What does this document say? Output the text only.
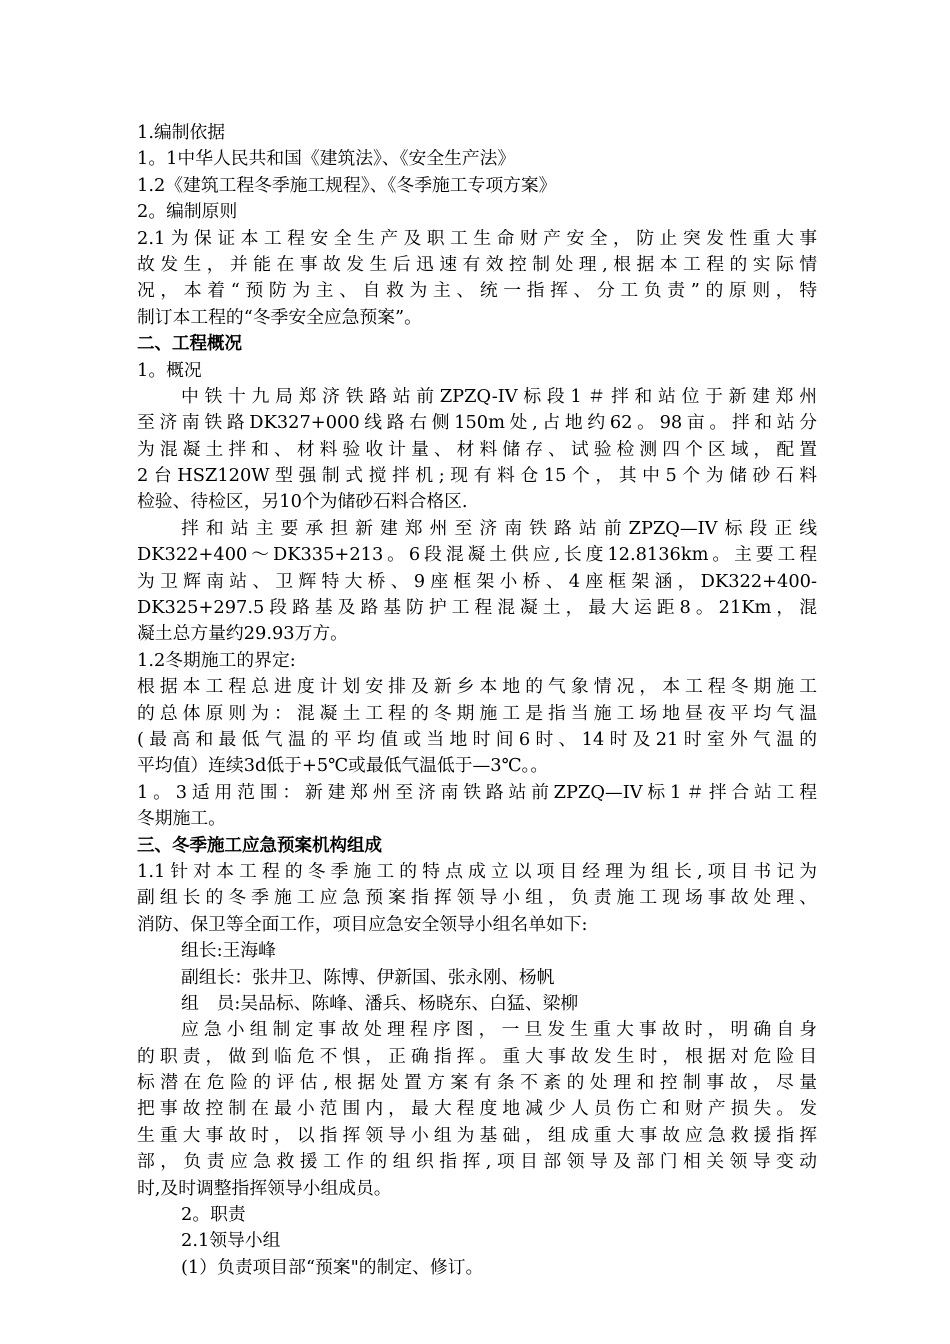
1.编制依据
1。1中华人民共和国《建筑法》、《安全生产法》
1.2《建筑工程冬季施工规程》、《冬季施工专项方案》
2。编制原则
2.1为保证本工程安全生产及职工生命财产安全，防止突发性重大事
故发生，并能在事故发生后迅速有效控制处理,根据本工程的实际情
况，本着“预防为主、自救为主、统一指挥、分工负责”的原则，特
制订本工程的“冬季安全应急预案”。
二、工程概况
1。概况
中铁十九局郑济铁路站前ZPZQ-IV标段1＃拌和站位于新建郑州
至济南铁路DK327+000线路右侧150m处,占地约62。98亩。拌和站分
为混凝土拌和、材料验收计量、材料储存、试验检测四个区域，配置
2台HSZ120W型强制式搅拌机;现有料仓15个，其中5个为储砂石料
检验、待检区，另10个为储砂石料合格区.
拌和站主要承担新建郑州至济南铁路站前ZPZQ—IV标段正线
DK322+400～DK335+213。6段混凝土供应,长度12.8136km。主要工程
为卫辉南站、卫辉特大桥、9座框架小桥、4座框架涵，DK322+400-
DK325+297.5段路基及路基防护工程混凝土，最大运距8。21Km，混
凝土总方量约29.93万方。
1.2冬期施工的界定:
根据本工程总进度计划安排及新乡本地的气象情况，本工程冬期施工
的总体原则为：混凝土工程的冬期施工是指当施工场地昼夜平均气温
(最高和最低气温的平均值或当地时间6时、14时及21时室外气温的
平均值）连续3d低于+5℃或最低气温低于—3℃。。
1。3适用范围：新建郑州至济南铁路站前ZPZQ—IV标1＃拌合站工程
冬期施工。
三、冬季施工应急预案机构组成
1.1针对本工程的冬季施工的特点成立以项目经理为组长,项目书记为
副组长的冬季施工应急预案指挥领导小组，负责施工现场事故处理、
消防、保卫等全面工作，项目应急安全领导小组名单如下:
组长:王海峰
副组长：张井卫、陈博、伊新国、张永刚、杨帆
组　员:吴品标、陈峰、潘兵、杨晓东、白猛、梁柳
应急小组制定事故处理程序图，一旦发生重大事故时，明确自身
的职责，做到临危不惧，正确指挥。重大事故发生时，根据对危险目
标潜在危险的评估,根据处置方案有条不紊的处理和控制事故，尽量
把事故控制在最小范围内，最大程度地减少人员伤亡和财产损失。发
生重大事故时，以指挥领导小组为基础，组成重大事故应急救援指挥
部，负责应急救援工作的组织指挥,项目部领导及部门相关领导变动
时,及时调整指挥领导小组成员。
2。职责
2.1领导小组
(1）负责项目部“预案"的制定、修订。
